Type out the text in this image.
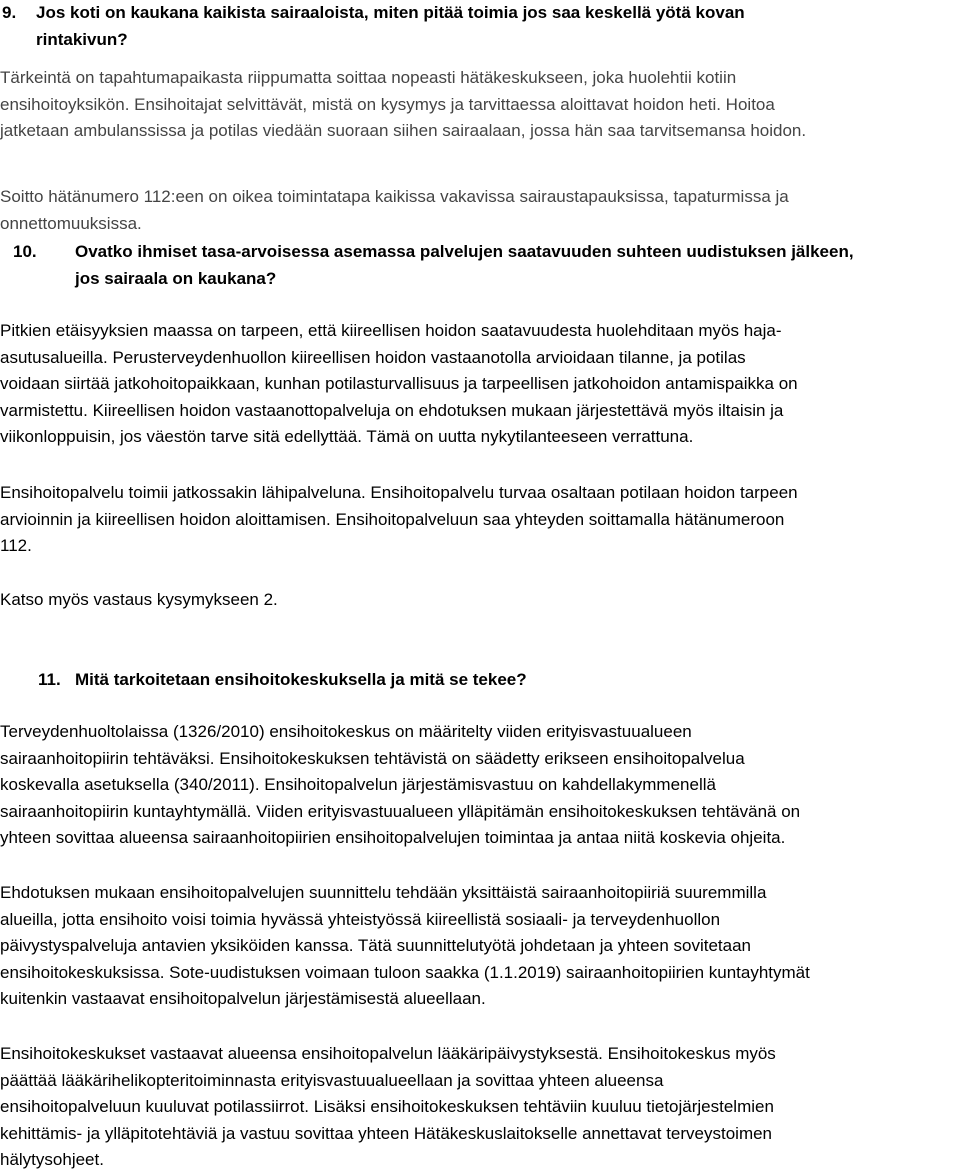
9. Jos koti on kaukana kaikista sairaaloista, miten pitää toimia jos saa keskellä yötä kovan
rintakivun?
Tärkeintä on tapahtumapaikasta riippumatta soittaa nopeasti hätäkeskukseen, joka huolehtii kotiin
ensihoitoyksikön. Ensihoitajat selvittävät, mistä on kysymys ja tarvittaessa aloittavat hoidon heti. Hoitoa
jatketaan ambulanssissa ja potilas viedään suoraan siihen sairaalaan, jossa hän saa tarvitsemansa hoidon.
Soitto hätänumero 112:een on oikea toimintatapa kaikissa vakavissa sairaustapauksissa, tapaturmissa ja
onnettomuuksissa.
10. Ovatko ihmiset tasa-arvoisessa asemassa palvelujen saatavuuden suhteen uudistuksen jälkeen,
jos sairaala on kaukana?
Pitkien etäisyyksien maassa on tarpeen, että kiireellisen hoidon saatavuudesta huolehditaan myös haja-
asutusalueilla. Perusterveydenhuollon kiireellisen hoidon vastaanotolla arvioidaan tilanne, ja potilas
voidaan siirtää jatkohoitopaikkaan, kunhan potilasturvallisuus ja tarpeellisen jatkohoidon antamispaikka on
varmistettu. Kiireellisen hoidon vastaanottopalveluja on ehdotuksen mukaan järjestettävä myös iltaisin ja
viikonloppuisin, jos väestön tarve sitä edellyttää. Tämä on uutta nykytilanteeseen verrattuna.
Ensihoitopalvelu toimii jatkossakin lähipalveluna. Ensihoitopalvelu turvaa osaltaan potilaan hoidon tarpeen
arvioinnin ja kiireellisen hoidon aloittamisen. Ensihoitopalveluun saa yhteyden soittamalla hätänumeroon
112.
Katso myös vastaus kysymykseen 2.
11. Mitä tarkoitetaan ensihoitokeskuksella ja mitä se tekee?
Terveydenhuoltolaissa (1326/2010) ensihoitokeskus on määritelty viiden erityisvastuualueen
sairaanhoitopiirin tehtäväksi. Ensihoitokeskuksen tehtävistä on säädetty erikseen ensihoitopalvelua
koskevalla asetuksella (340/2011). Ensihoitopalvelun järjestämisvastuu on kahdellakymmenellä
sairaanhoitopiirin kuntayhtymällä. Viiden erityisvastuualueen ylläpitämän ensihoitokeskuksen tehtävänä on
yhteen sovittaa alueensa sairaanhoitopiirien ensihoitopalvelujen toimintaa ja antaa niitä koskevia ohjeita.
Ehdotuksen mukaan ensihoitopalvelujen suunnittelu tehdään yksittäistä sairaanhoitopiiriä suuremmilla
alueilla, jotta ensihoito voisi toimia hyvässä yhteistyössä kiireellistä sosiaali- ja terveydenhuollon
päivystyspalveluja antavien yksiköiden kanssa. Tätä suunnittelutyötä johdetaan ja yhteen sovitetaan
ensihoitokeskuksissa. Sote-uudistuksen voimaan tuloon saakka (1.1.2019) sairaanhoitopiirien kuntayhtymät
kuitenkin vastaavat ensihoitopalvelun järjestämisestä alueellaan.
Ensihoitokeskukset vastaavat alueensa ensihoitopalvelun lääkäripäivystyksestä. Ensihoitokeskus myös
päättää lääkärihelikopteritoiminnasta erityisvastuualueellaan ja sovittaa yhteen alueensa
ensihoitopalveluun kuuluvat potilassiirrot. Lisäksi ensihoitokeskuksen tehtäviin kuuluu tietojärjestelmien
kehittämis- ja ylläpitotehtäviä ja vastuu sovittaa yhteen Hätäkeskuslaitokselle annettavat terveystoimen
hälytysohjeet.
